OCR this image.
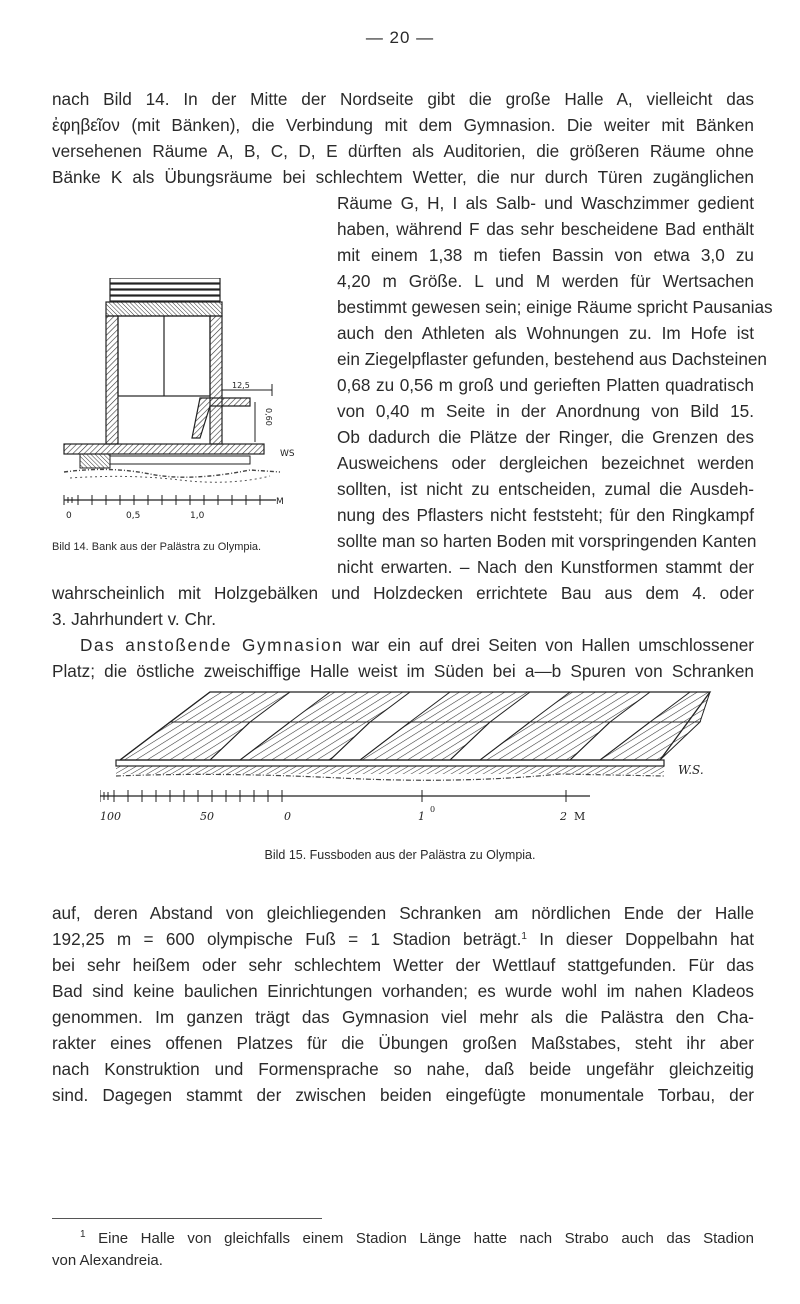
— 20 —
nach Bild 14. In der Mitte der Nordseite gibt die große Halle A, vielleicht das
ἐφηβεῖον (mit Bänken), die Verbindung mit dem Gymnasion. Die weiter mit Bänken
versehenen Räume A, B, C, D, E dürften als Auditorien, die größeren Räume ohne
Bänke K als Übungsräume bei schlechtem Wetter, die nur durch Türen zugänglichen
Räume G, H, I als Salb- und Waschzimmer gedient
haben, während F das sehr bescheidene Bad enthält
mit einem 1,38 m tiefen Bassin von etwa 3,0 zu
4,20 m Größe. L und M werden für Wertsachen
bestimmt gewesen sein; einige Räume spricht Pausanias
auch den Athleten als Wohnungen zu. Im Hofe ist
ein Ziegelpflaster gefunden, bestehend aus Dachsteinen
0,68 zu 0,56 m groß und gerieften Platten quadratisch
von 0,40 m Seite in der Anordnung von Bild 15.
Ob dadurch die Plätze der Ringer, die Grenzen des
Ausweichens oder dergleichen bezeichnet werden
sollten, ist nicht zu entscheiden, zumal die Ausdeh-
nung des Pflasters nicht feststeht; für den Ringkampf
sollte man so harten Boden mit vorspringenden Kanten
nicht erwarten. – Nach den Kunstformen stammt der
12,5
0,60
WS
M
0	0,5	1,0
Bild 14. Bank aus der Palästra zu Olympia.
wahrscheinlich mit Holzgebälken und Holzdecken errichtete Bau aus dem 4. oder
3. Jahrhundert v. Chr.
Das anstoßende Gymnasion war ein auf drei Seiten von Hallen umschlossener
Platz; die östliche zweischiffige Halle weist im Süden bei a—b Spuren von Schranken
W.S.
100	50	0	1
0
2 M
Bild 15. Fussboden aus der Palästra zu Olympia.
auf, deren Abstand von gleichliegenden Schranken am nördlichen Ende der Halle
192,25 m = 600 olympische Fuß = 1 Stadion beträgt.$^1$ In dieser Doppelbahn hat
bei sehr heißem oder sehr schlechtem Wetter der Wettlauf stattgefunden. Für das
Bad sind keine baulichen Einrichtungen vorhanden; es wurde wohl im nahen Kladeos
genommen. Im ganzen trägt das Gymnasion viel mehr als die Palästra den Cha-
rakter eines offenen Platzes für die Übungen großen Maßstabes, steht ihr aber
nach Konstruktion und Formensprache so nahe, daß beide ungefähr gleichzeitig
sind. Dagegen stammt der zwischen beiden eingefügte monumentale Torbau, der
$^1$ Eine Halle von gleichfalls einem Stadion Länge hatte nach Strabo auch das Stadion
von Alexandreia.
